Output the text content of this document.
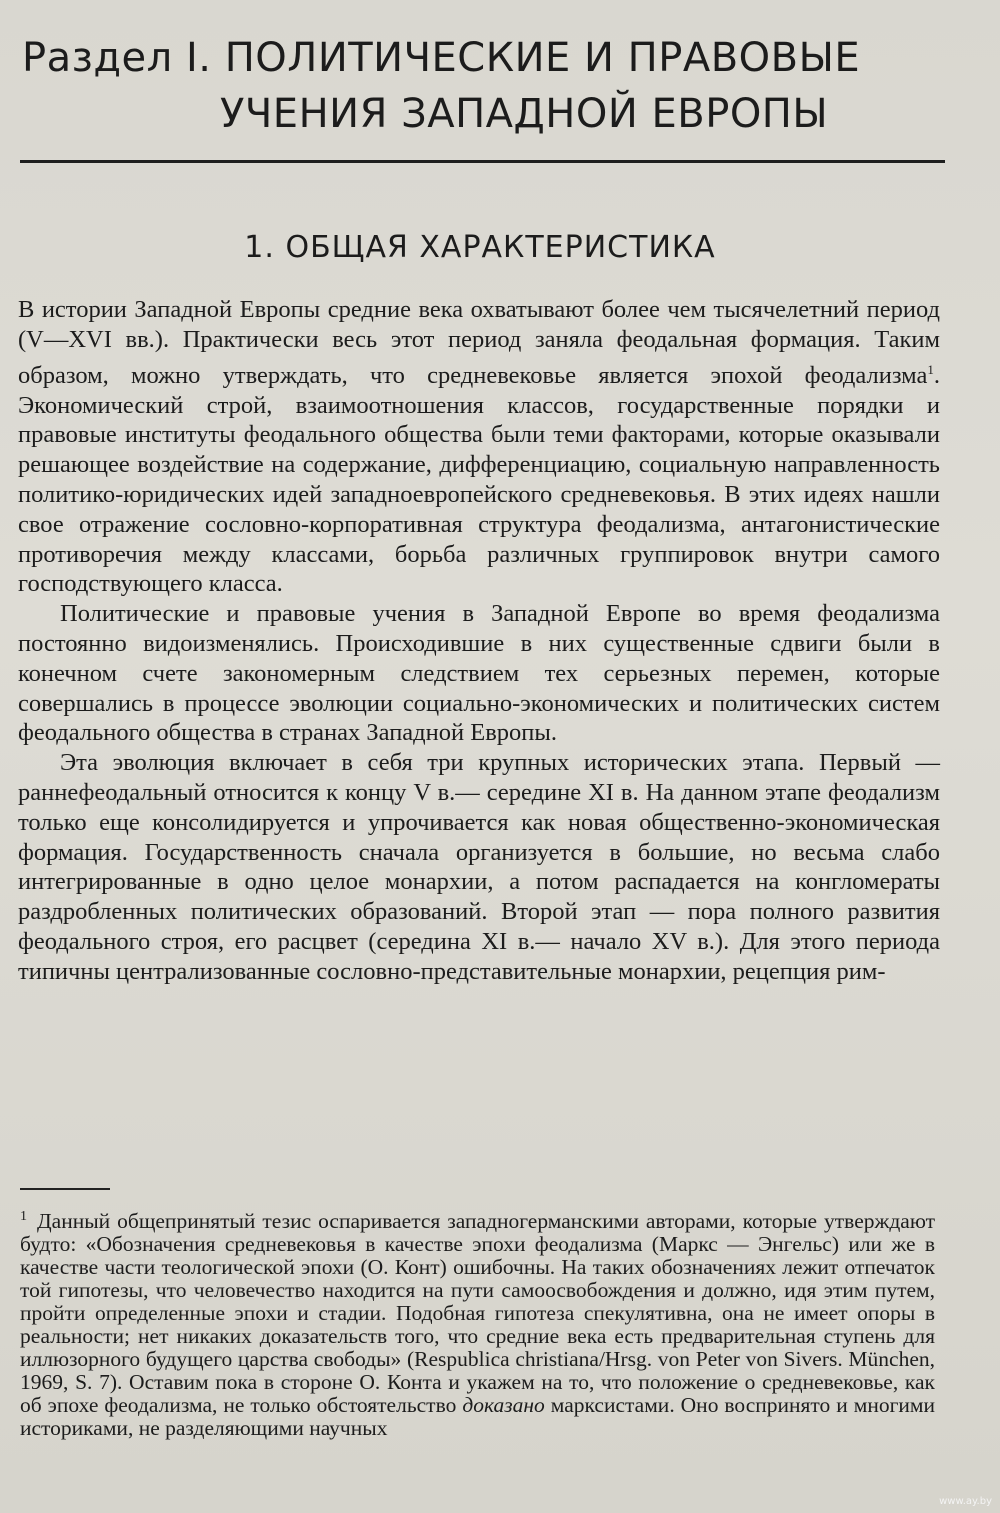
Раздел I. ПОЛИТИЧЕСКИЕ И ПРАВОВЫЕ
УЧЕНИЯ ЗАПАДНОЙ ЕВРОПЫ
1. ОБЩАЯ ХАРАКТЕРИСТИКА

В истории Западной Европы средние века охватывают более чем тысячелетний период (V—XVI вв.). Практически весь этот период заняла феодальная формация. Таким образом, можно утверждать, что средневековье является эпохой феодализма$^1$. Экономический строй, взаимоотношения классов, государственные порядки и правовые институты феодального общества были теми факторами, которые оказывали решающее воздействие на содержание, дифференциацию, социальную направленность политико-юридических идей западноевропейского средневековья. В этих идеях нашли свое отражение сословно-корпоративная структура феодализма, антагонистические противоречия между классами, борьба различных группировок внутри самого господствующего класса.

Политические и правовые учения в Западной Европе во время феодализма постоянно видоизменялись. Происходившие в них существенные сдвиги были в конечном счете закономерным следствием тех серьезных перемен, которые совершались в процессе эволюции социально-экономических и политических систем феодального общества в странах Западной Европы.

Эта эволюция включает в себя три крупных исторических этапа. Первый — раннефеодальный относится к концу V в.— середине XI в. На данном этапе феодализм только еще консолидируется и упрочивается как новая общественно-экономическая формация. Государственность сначала организуется в большие, но весьма слабо интегрированные в одно целое монархии, а потом распадается на конгломераты раздробленных политических образований. Второй этап — пора полного развития феодального строя, его расцвет (середина XI в.— начало XV в.). Для этого периода типичны централизованные сословно-представительные монархии, рецепция рим-

$^1$ Данный общепринятый тезис оспаривается западногерманскими авторами, которые утверждают будто: «Обозначения средневековья в качестве эпохи феодализма (Маркс — Энгельс) или же в качестве части теологической эпохи (О. Конт) ошибочны. На таких обозначениях лежит отпечаток той гипотезы, что человечество находится на пути самоосвобождения и должно, идя этим путем, пройти определенные эпохи и стадии. Подобная гипотеза спекулятивна, она не имеет опоры в реальности; нет никаких доказательств того, что средние века есть предварительная ступень для иллюзорного будущего царства свободы» (Respublica christiana/Hrsg. von Peter von Sivers. München, 1969, S. 7). Оставим пока в стороне О. Конта и укажем на то, что положение о средневековье, как об эпохе феодализма, не только обстоятельство доказано марксистами. Оно воспринято и многими историками, не разделяющими научных
www.ay.by
